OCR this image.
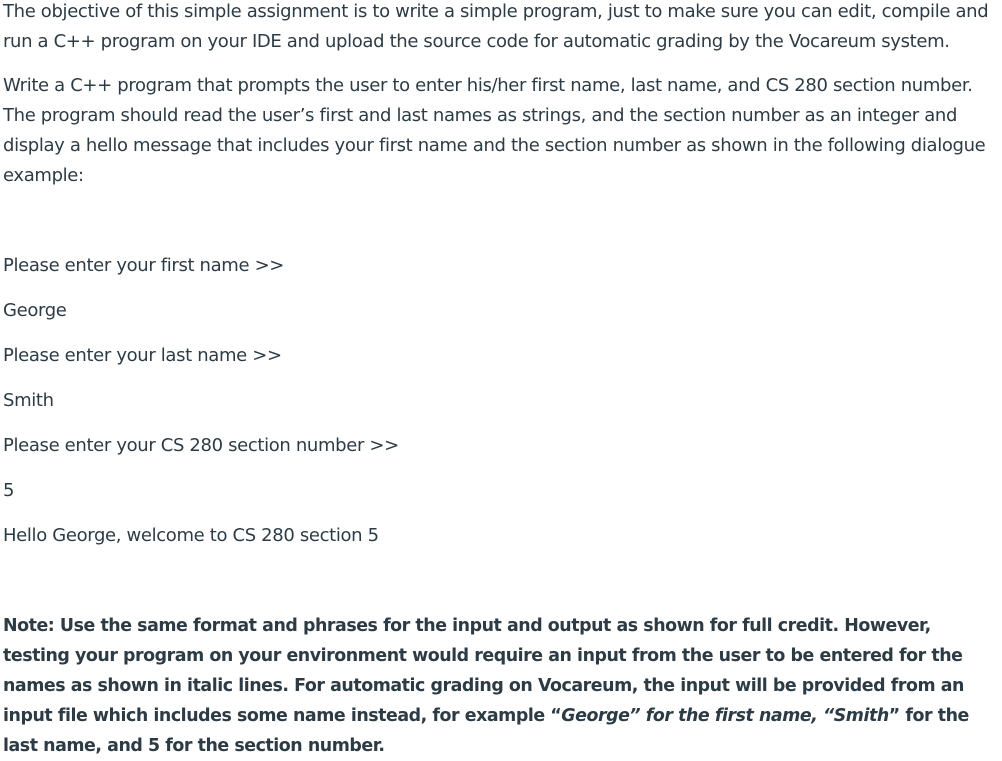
The objective of this simple assignment is to write a simple program, just to make sure you can edit, compile and run a C++ program on your IDE and upload the source code for automatic grading by the Vocareum system.

Write a C++ program that prompts the user to enter his/her first name, last name, and CS 280 section number. The program should read the user’s first and last names as strings, and the section number as an integer and display a hello message that includes your first name and the section number as shown in the following dialogue example:

Please enter your first name >>

George

Please enter your last name >>

Smith

Please enter your CS 280 section number >>

5

Hello George, welcome to CS 280 section 5

Note: Use the same format and phrases for the input and output as shown for full credit. However, testing your program on your environment would require an input from the user to be entered for the names as shown in italic lines. For automatic grading on Vocareum, the input will be provided from an input file which includes some name instead, for example “George” for the first name, “Smith” for the last name, and 5 for the section number.
